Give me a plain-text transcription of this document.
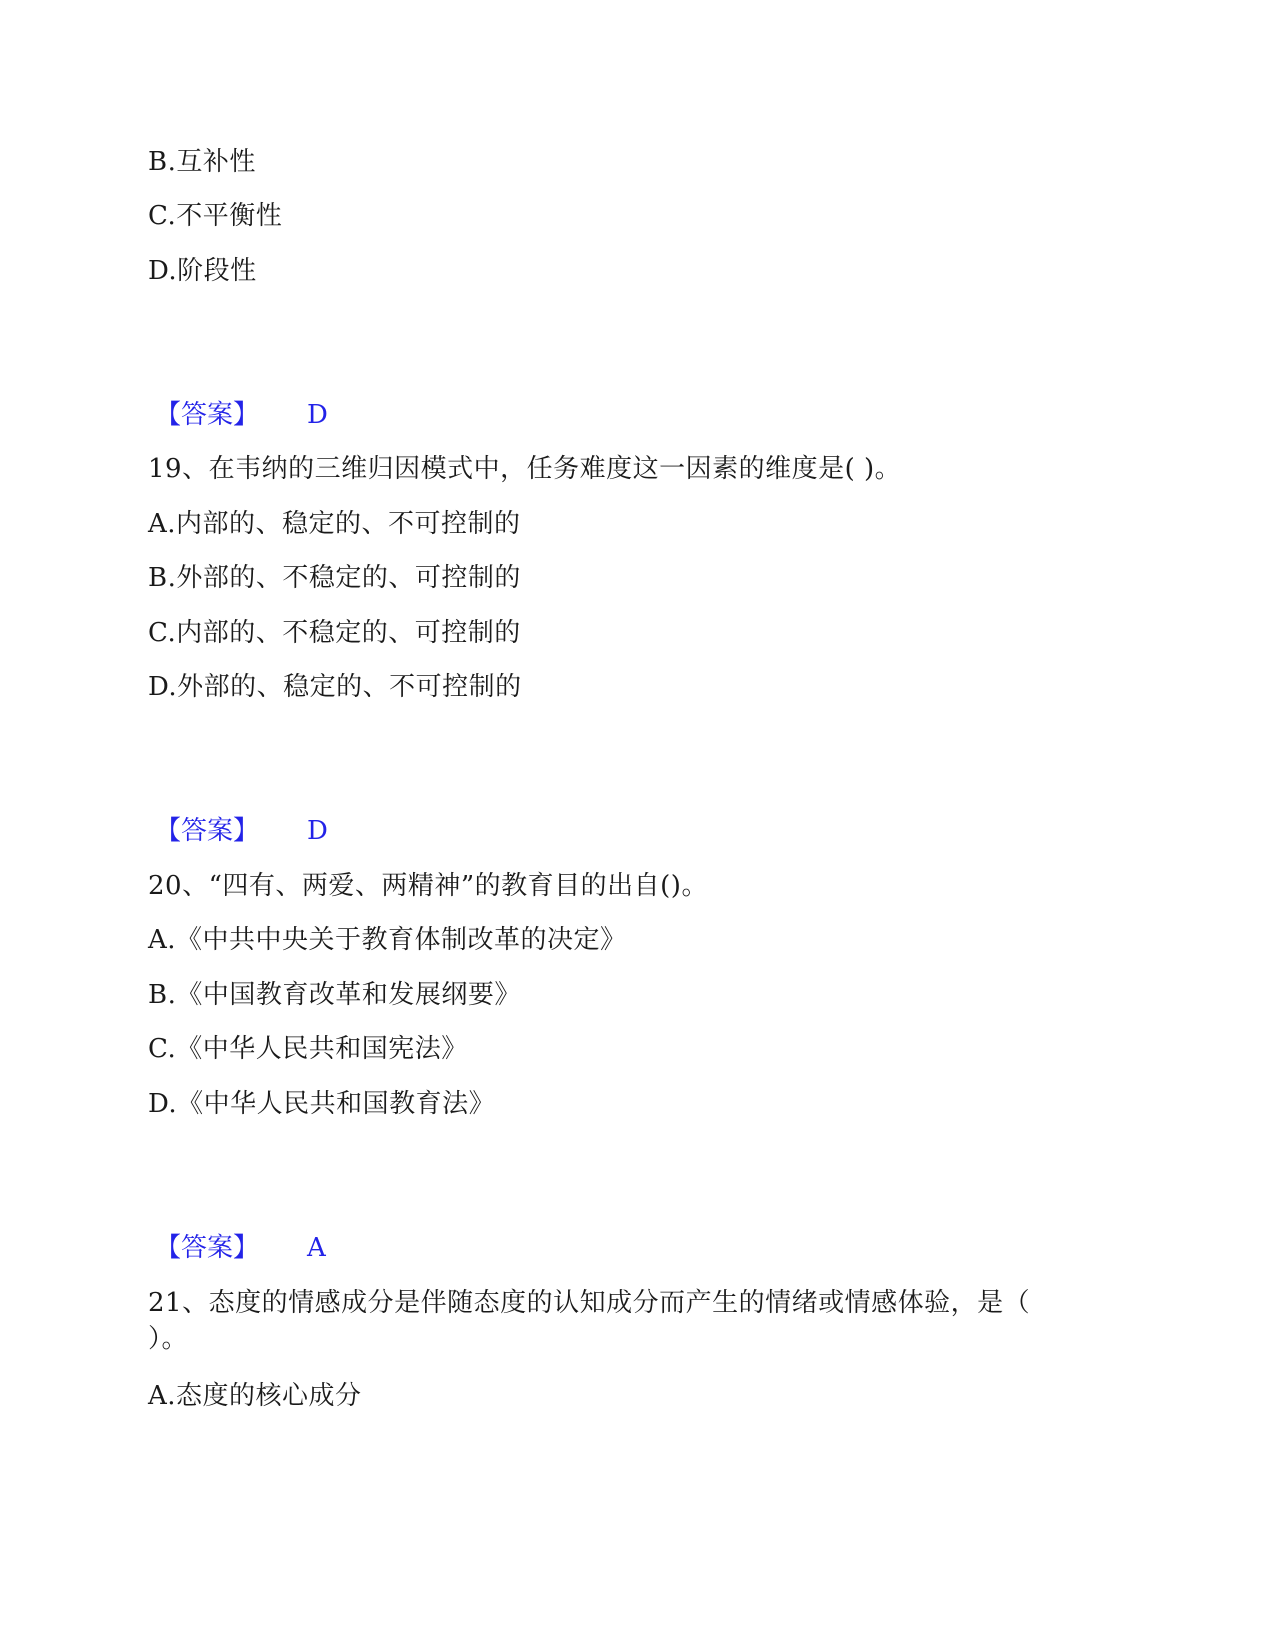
B.互补性
C.不平衡性
D.阶段性
【答案】 D
19、在韦纳的三维归因模式中，任务难度这一因素的维度是( )。
A.内部的、稳定的、不可控制的
B.外部的、不稳定的、可控制的
C.内部的、不稳定的、可控制的
D.外部的、稳定的、不可控制的
【答案】 D
20、“四有、两爱、两精神”的教育目的出自()。
A.《中共中央关于教育体制改革的决定》
B.《中国教育改革和发展纲要》
C.《中华人民共和国宪法》
D.《中华人民共和国教育法》
【答案】 A
21、态度的情感成分是伴随态度的认知成分而产生的情绪或情感体验，是（
）。
A.态度的核心成分
